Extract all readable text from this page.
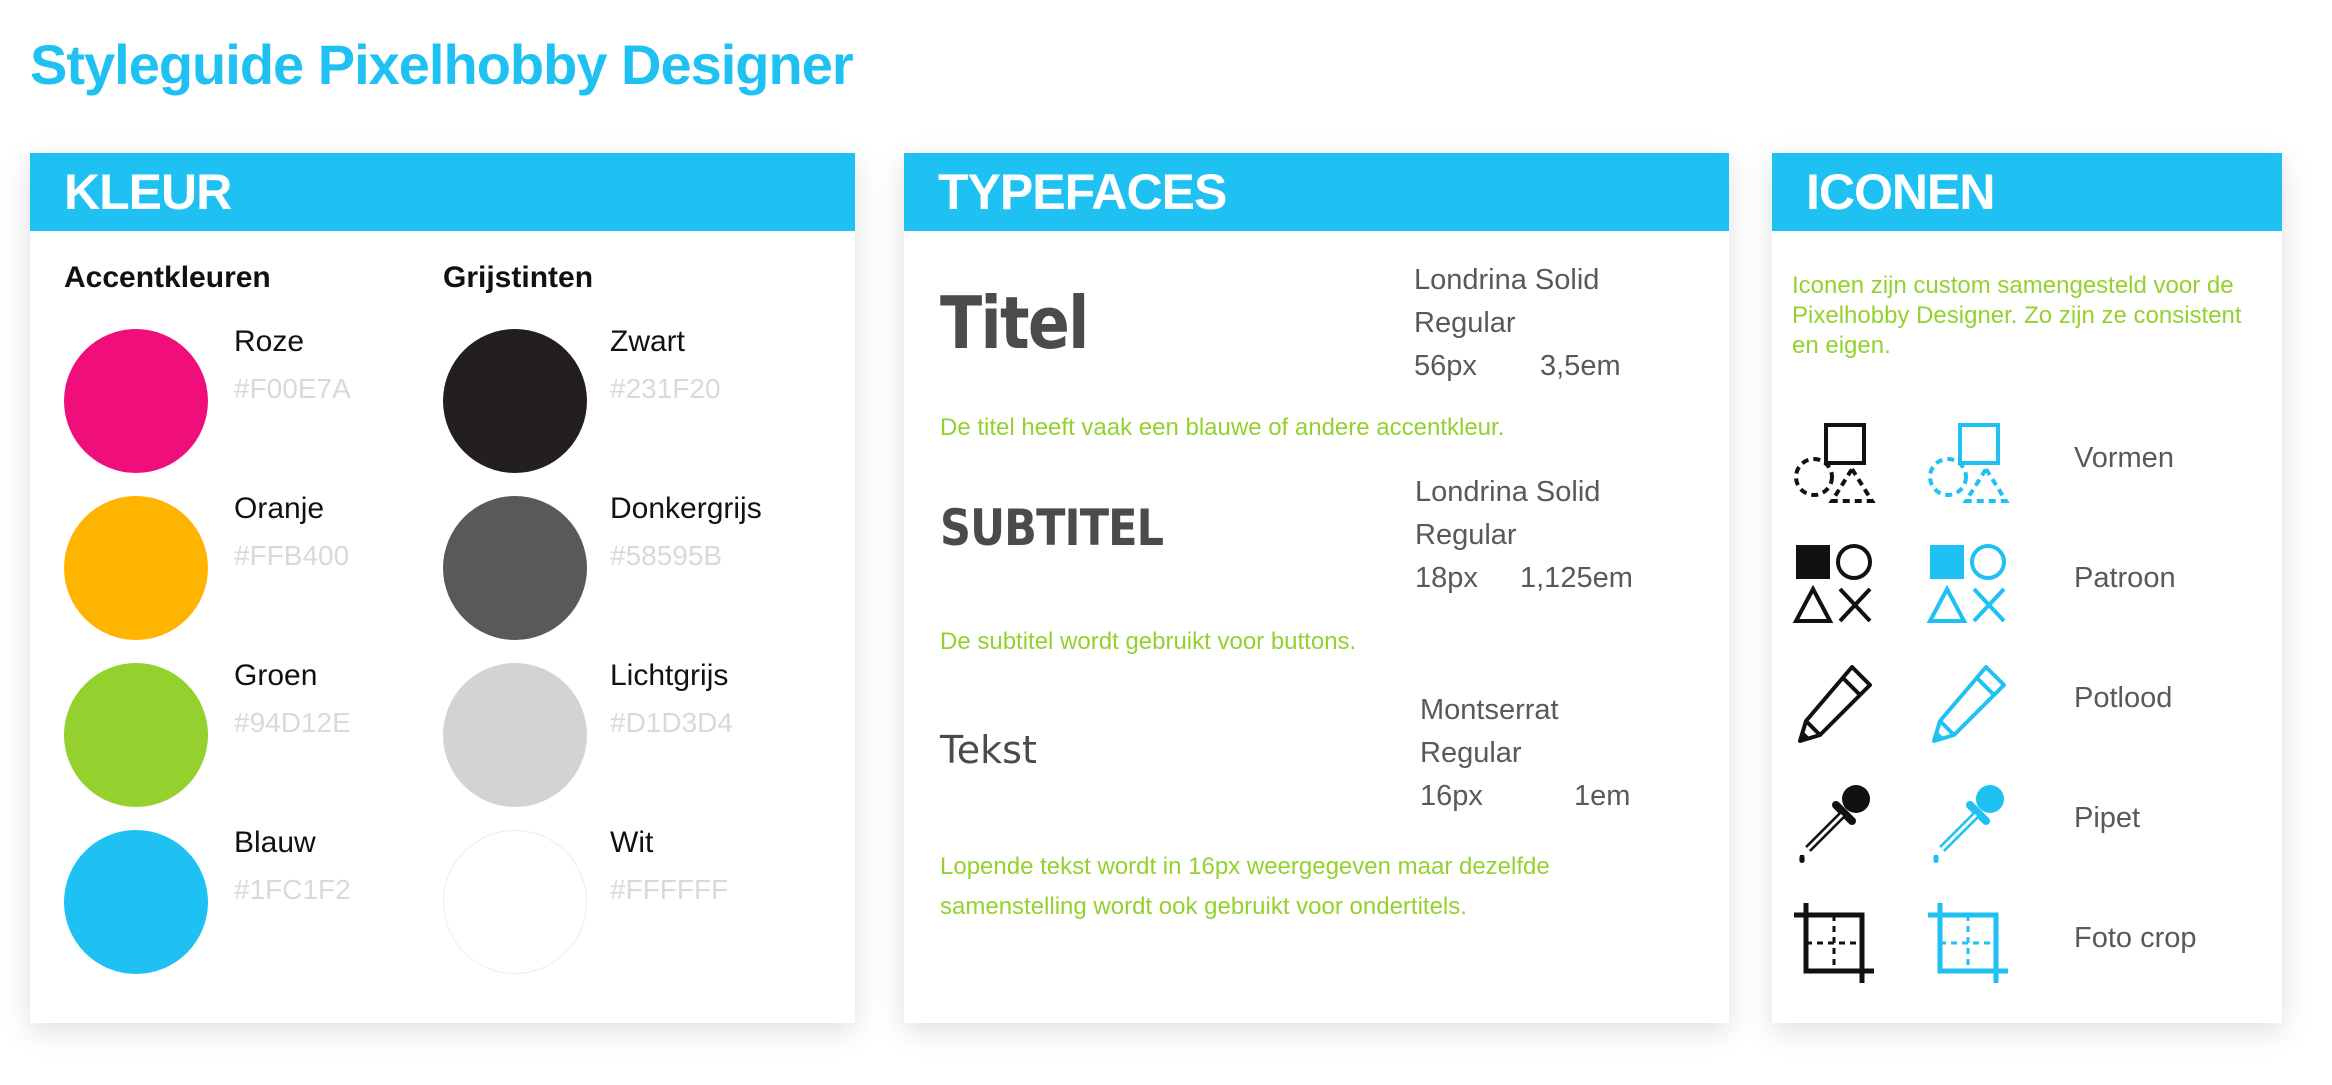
Styleguide Pixelhobby Designer
KLEUR
Accentkleuren	Grijstinten
Roze
#F00E7A
Oranje
#FFB400
Groen
#94D12E
Blauw
#1FC1F2
Zwart
#231F20
Donkergrijs
#58595B
Lichtgrijs
#D1D3D4
Wit
#FFFFFF
TYPEFACES
Titel
Londrina Solid
Regular
56px 3,5em
De titel heeft vaak een blauwe of andere accentkleur.
SUBTITEL
Londrina Solid
Regular
18px 1,125em
De subtitel wordt gebruikt voor buttons.
Tekst
Montserrat
Regular
16px	1em
Lopende tekst wordt in 16px weergegeven maar dezelfde
samenstelling wordt ook gebruikt voor ondertitels.
ICONEN
Iconen zijn custom samengesteld voor de Pixelhobby Designer. Zo zijn ze consistent en eigen.
Vormen
Patroon
Potlood
Pipet
Foto crop
